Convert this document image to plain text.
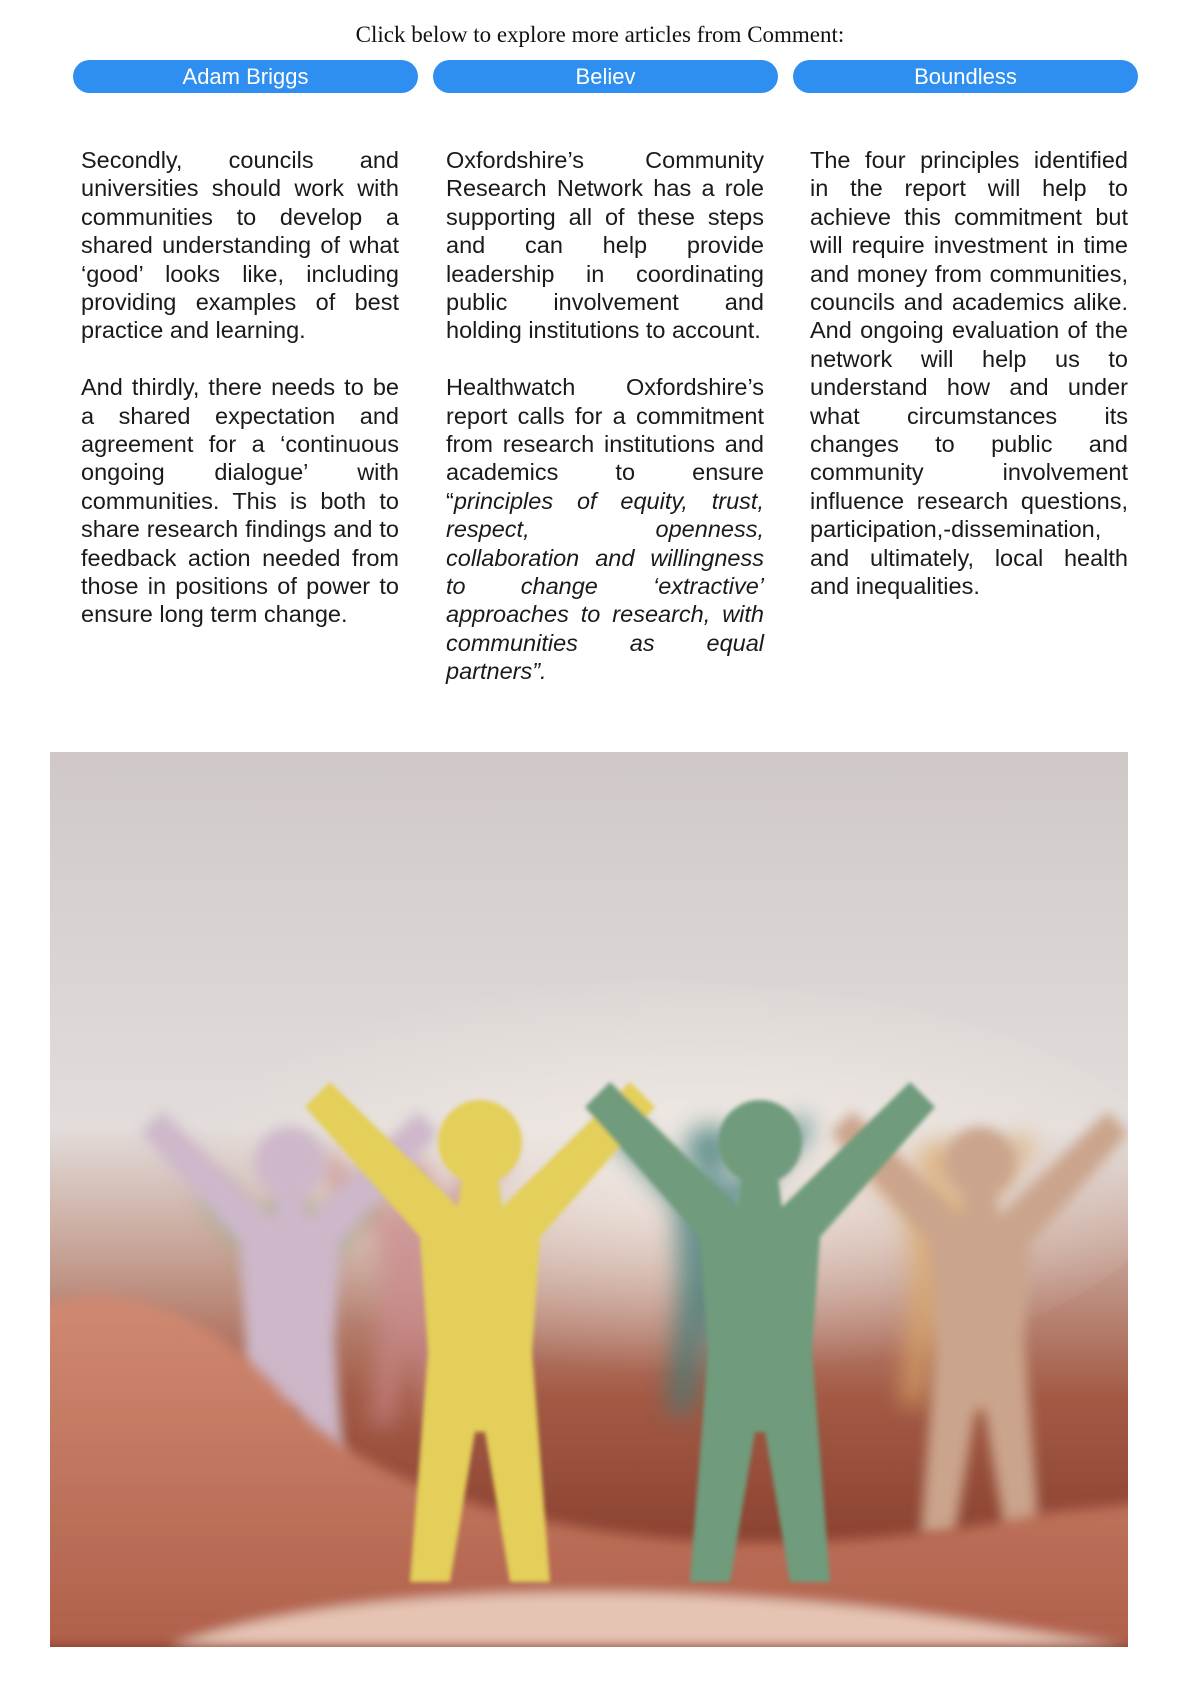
Click below to explore more articles from Comment:
Adam Briggs	Believ	Boundless

Secondly, councils and universities should work with communities to develop a shared understanding of what ‘good’ looks like, including providing examples of best practice and learning.

And thirdly, there needs to be a shared expectation and agreement for a ‘continuous ongoing dialogue’ with communities. This is both to share research findings and to feedback action needed from those in positions of power to ensure long term change.

Oxfordshire’s Community Research Network has a role supporting all of these steps and can help provide leadership in coordinating public involvement and holding institutions to account.

Healthwatch Oxfordshire’s report calls for a commitment from research institutions and academics to ensure “principles of equity, trust, respect, openness, collaboration and willingness to change ‘extractive’ approaches to research, with communities as equal partners”.

The four principles identified in the report will help to achieve this commitment but will require investment in time and money from communities, councils and academics alike. And ongoing evaluation of the network will help us to understand how and under what circumstances its changes to public and community involvement influence research questions, participation,-dissemination, and ultimately, local health and inequalities.
